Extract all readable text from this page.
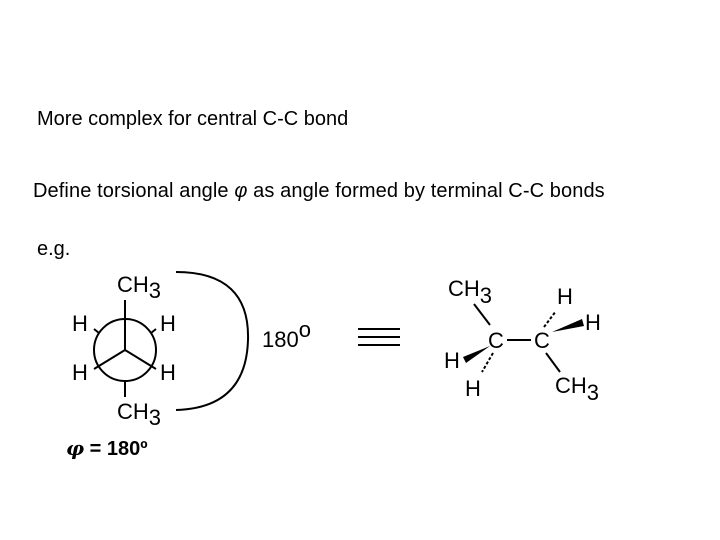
More complex for central C-C bond
Define torsional angle φ as angle formed by terminal C-C bonds
e.g.
CH3
H	H
H	H
CH3
180o
CH3
C C
H
H
CH3
H
H
φ = 180º
